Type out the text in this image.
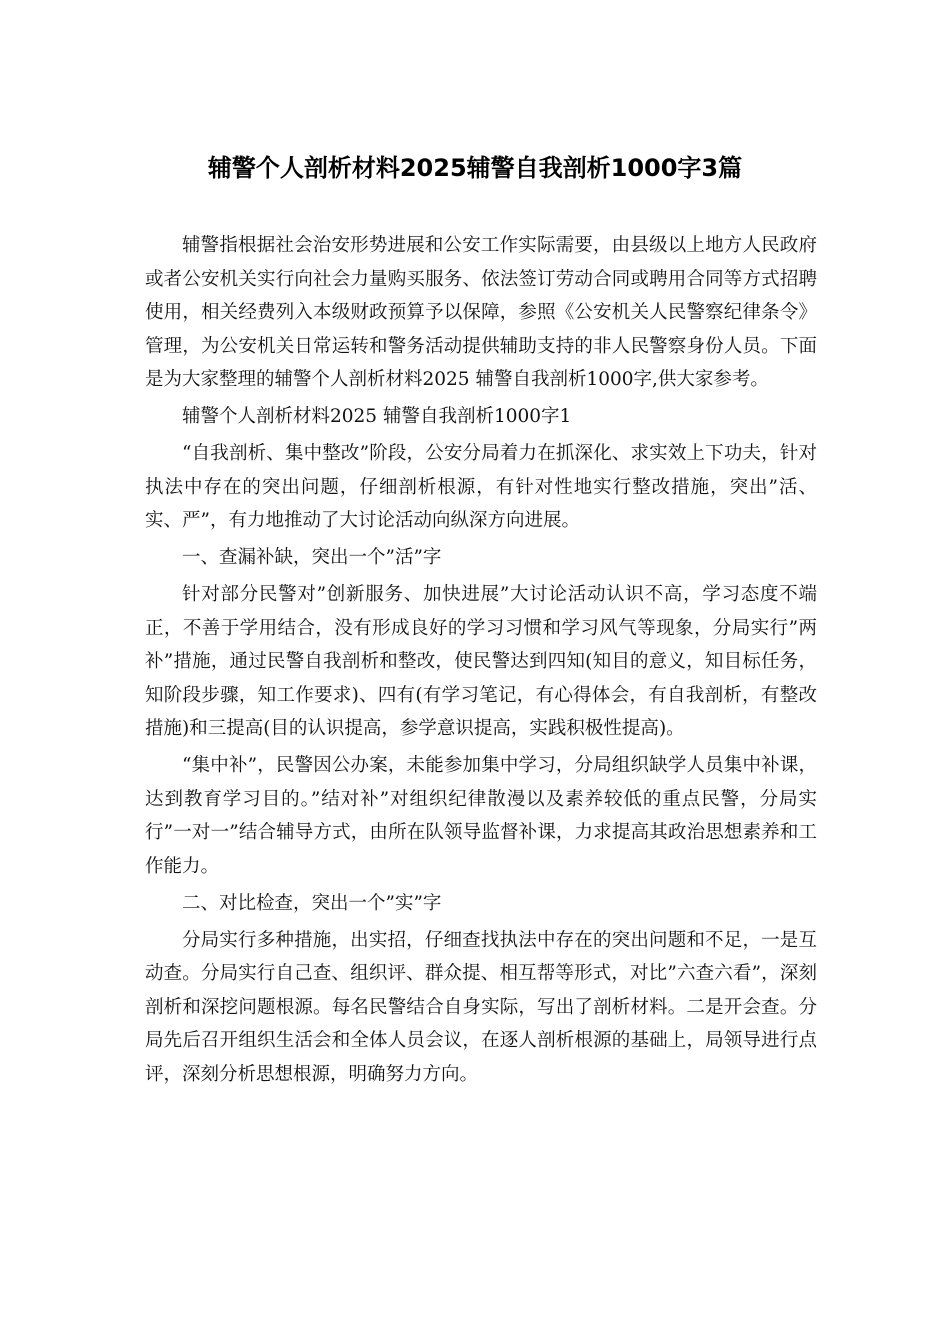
辅警个人剖析材料2025辅警自我剖析1000字3篇

辅警指根据社会治安形势进展和公安工作实际需要，由县级以上地方人民政府或者公安机关实行向社会力量购买服务、依法签订劳动合同或聘用合同等方式招聘使用，相关经费列入本级财政预算予以保障，参照《公安机关人民警察纪律条令》管理，为公安机关日常运转和警务活动提供辅助支持的非人民警察身份人员。下面是为大家整理的辅警个人剖析材料2025 辅警自我剖析1000字,供大家参考。

辅警个人剖析材料2025 辅警自我剖析1000字1

“自我剖析、集中整改”阶段，公安分局着力在抓深化、求实效上下功夫，针对执法中存在的突出问题，仔细剖析根源，有针对性地实行整改措施，突出”活、实、严”，有力地推动了大讨论活动向纵深方向进展。

一、查漏补缺，突出一个”活”字

针对部分民警对”创新服务、加快进展”大讨论活动认识不高，学习态度不端正，不善于学用结合，没有形成良好的学习习惯和学习风气等现象，分局实行”两补”措施，通过民警自我剖析和整改，使民警达到四知(知目的意义，知目标任务，知阶段步骤，知工作要求)、四有(有学习笔记，有心得体会，有自我剖析，有整改措施)和三提高(目的认识提高，参学意识提高，实践积极性提高)。

“集中补”，民警因公办案，未能参加集中学习，分局组织缺学人员集中补课，达到教育学习目的。”结对补”对组织纪律散漫以及素养较低的重点民警，分局实行”一对一”结合辅导方式，由所在队领导监督补课，力求提高其政治思想素养和工作能力。

二、对比检查，突出一个”实”字

分局实行多种措施，出实招，仔细查找执法中存在的突出问题和不足，一是互动查。分局实行自己查、组织评、群众提、相互帮等形式，对比”六查六看”，深刻剖析和深挖问题根源。每名民警结合自身实际，写出了剖析材料。二是开会查。分局先后召开组织生活会和全体人员会议，在逐人剖析根源的基础上，局领导进行点评，深刻分析思想根源，明确努力方向。
